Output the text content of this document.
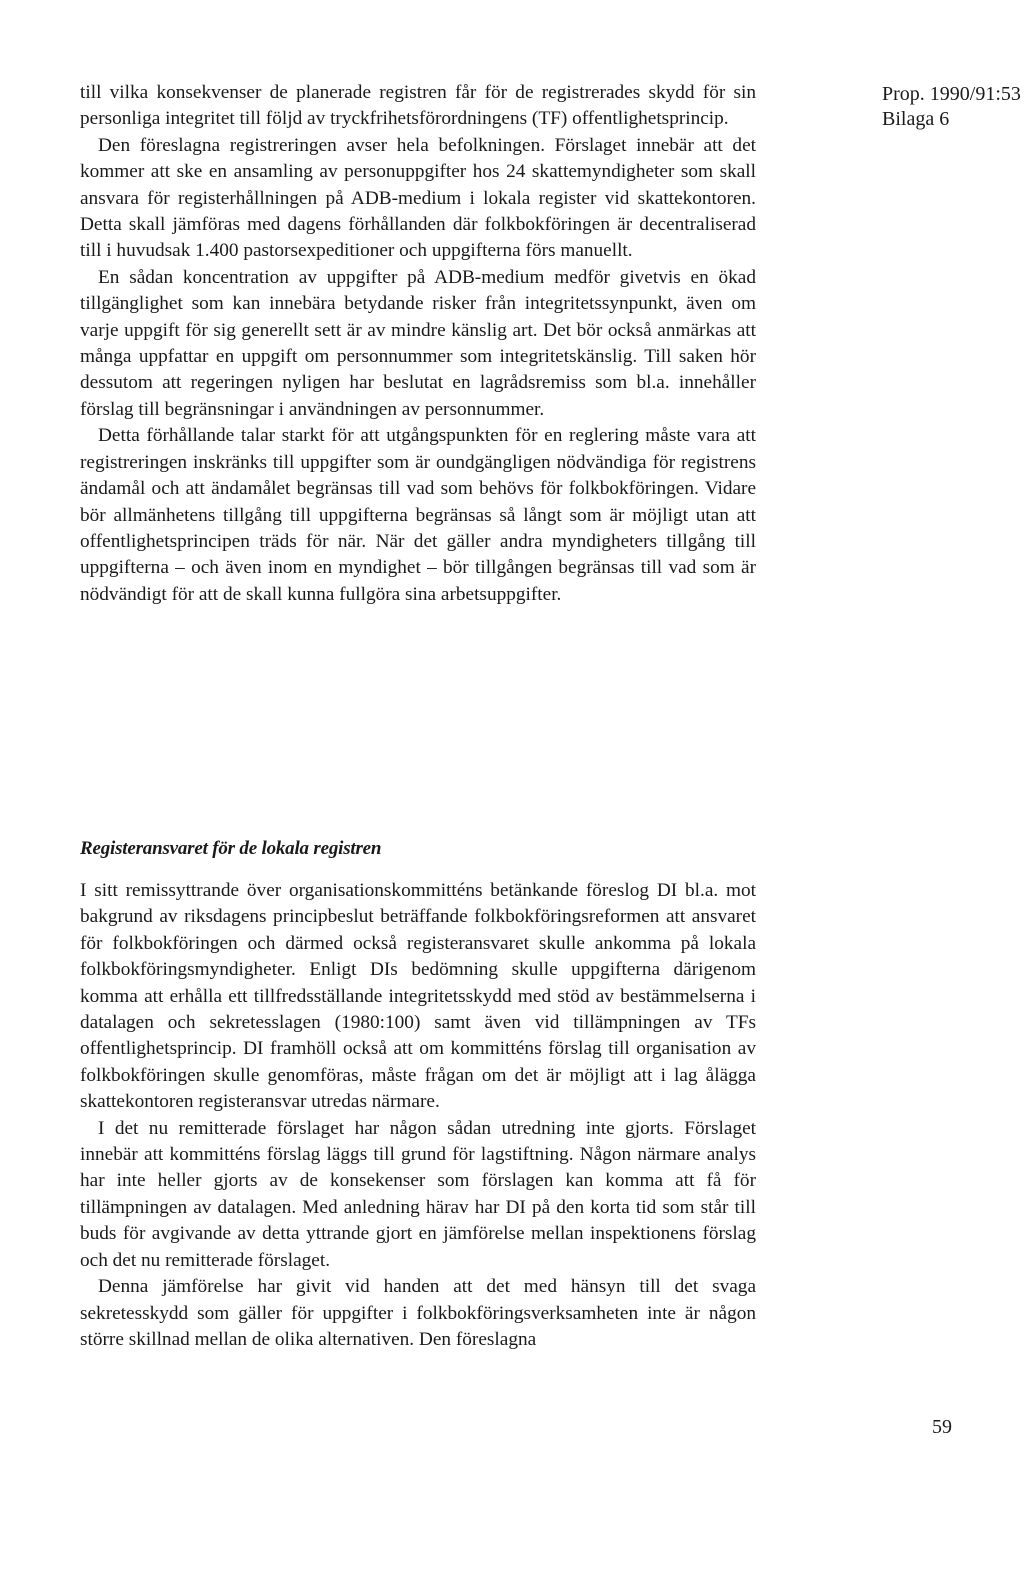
Prop. 1990/91:53
Bilaga 6

till vilka konsekvenser de planerade registren får för de registrerades skydd för sin personliga integritet till följd av tryckfrihetsförordningens (TF) offentlighetsprincip.

Den föreslagna registreringen avser hela befolkningen. Förslaget innebär att det kommer att ske en ansamling av personuppgifter hos 24 skattemyndigheter som skall ansvara för registerhållningen på ADB-medium i lokala register vid skattekontoren. Detta skall jämföras med dagens förhållanden där folkbokföringen är decentraliserad till i huvudsak 1.400 pastorsexpeditioner och uppgifterna förs manuellt.

En sådan koncentration av uppgifter på ADB-medium medför givetvis en ökad tillgänglighet som kan innebära betydande risker från integritetssynpunkt, även om varje uppgift för sig generellt sett är av mindre känslig art. Det bör också anmärkas att många uppfattar en uppgift om personnummer som integritetskänslig. Till saken hör dessutom att regeringen nyligen har beslutat en lagrådsremiss som bl.a. innehåller förslag till begränsningar i användningen av personnummer.

Detta förhållande talar starkt för att utgångspunkten för en reglering måste vara att registreringen inskränks till uppgifter som är oundgängligen nödvändiga för registrens ändamål och att ändamålet begränsas till vad som behövs för folkbokföringen. Vidare bör allmänhetens tillgång till uppgifterna begränsas så långt som är möjligt utan att offentlighetsprincipen träds för när. När det gäller andra myndigheters tillgång till uppgifterna – och även inom en myndighet – bör tillgången begränsas till vad som är nödvändigt för att de skall kunna fullgöra sina arbetsuppgifter.

Registeransvaret för de lokala registren

I sitt remissyttrande över organisationskommitténs betänkande föreslog DI bl.a. mot bakgrund av riksdagens principbeslut beträffande folkbokföringsreformen att ansvaret för folkbokföringen och därmed också registeransvaret skulle ankomma på lokala folkbokföringsmyndigheter. Enligt DIs bedömning skulle uppgifterna därigenom komma att erhålla ett tillfredsställande integritetsskydd med stöd av bestämmelserna i datalagen och sekretesslagen (1980:100) samt även vid tillämpningen av TFs offentlighetsprincip. DI framhöll också att om kommitténs förslag till organisation av folkbokföringen skulle genomföras, måste frågan om det är möjligt att i lag ålägga skattekontoren registeransvar utredas närmare.

I det nu remitterade förslaget har någon sådan utredning inte gjorts. Förslaget innebär att kommitténs förslag läggs till grund för lagstiftning. Någon närmare analys har inte heller gjorts av de konsekenser som förslagen kan komma att få för tillämpningen av datalagen. Med anledning härav har DI på den korta tid som står till buds för avgivande av detta yttrande gjort en jämförelse mellan inspektionens förslag och det nu remitterade förslaget.

Denna jämförelse har givit vid handen att det med hänsyn till det svaga sekretesskydd som gäller för uppgifter i folkbokföringsverksamheten inte är någon större skillnad mellan de olika alternativen. Den föreslagna

59
